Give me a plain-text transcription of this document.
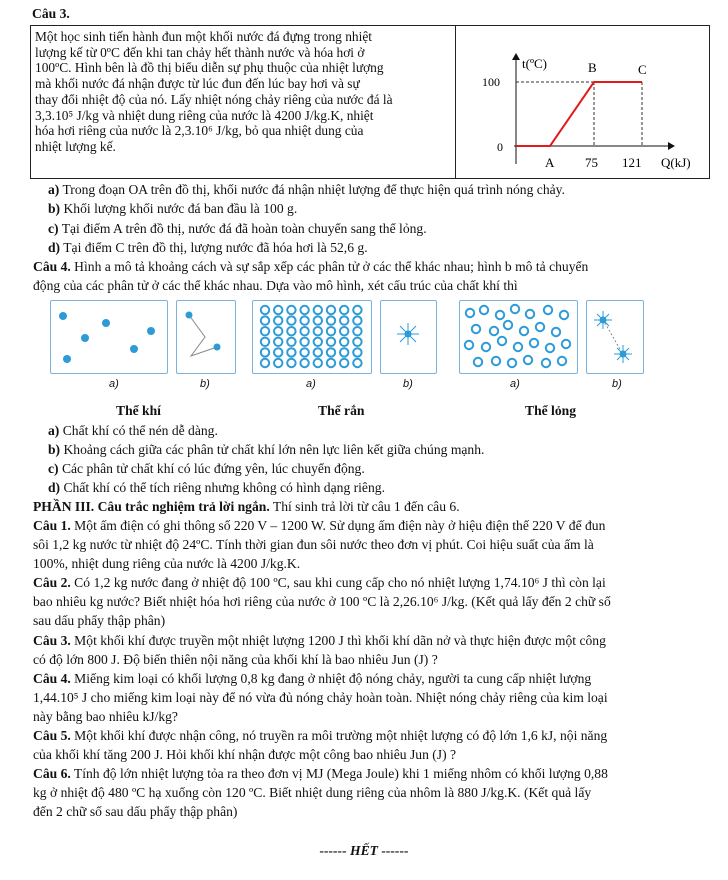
Câu 3.

Một học sinh tiến hành đun một khối nước đá đựng trong nhiệt
lượng kế từ 0ºC đến khi tan chảy hết thành nước và hóa hơi ở
100ºC. Hình bên là đồ thị biểu diễn sự phụ thuộc của nhiệt lượng
mà khối nước đá nhận được từ lúc đun đến lúc bay hơi và sự
thay đổi nhiệt độ của nó. Lấy nhiệt nóng chảy riêng của nước đá là
3,3.10⁵ J/kg và nhiệt dung riêng của nước là 4200 J/kg.K, nhiệt
hóa hơi riêng của nước là 2,3.10⁶ J/kg, bỏ qua nhiệt dung của
nhiệt lượng kế.

t(ºC)
100
0
B	C
A 75 121 Q(kJ)
a) Trong đoạn OA trên đồ thị, khối nước đá nhận nhiệt lượng để thực hiện quá trình nóng chảy.
b) Khối lượng khối nước đá ban đầu là 100 g.
c) Tại điểm A trên đồ thị, nước đá đã hoàn toàn chuyển sang thể lỏng.
d) Tại điểm C trên đồ thị, lượng nước đã hóa hơi là 52,6 g.
Câu 4. Hình a mô tả khoảng cách và sự sắp xếp các phân tử ở các thể khác nhau; hình b mô tả chuyển
động của các phân tử ở các thể khác nhau. Dựa vào mô hình, xét cấu trúc của chất khí thì
a)	b)
Thể khí
a)	b)
Thể rắn
a)	b)
Thể lỏng
a) Chất khí có thể nén dễ dàng.
b) Khoảng cách giữa các phân tử chất khí lớn nên lực liên kết giữa chúng mạnh.
c) Các phân tử chất khí có lúc đứng yên, lúc chuyển động.
d) Chất khí có thể tích riêng nhưng không có hình dạng riêng.
PHẦN III. Câu trắc nghiệm trả lời ngắn. Thí sinh trả lời từ câu 1 đến câu 6.
Câu 1. Một ấm điện có ghi thông số 220 V – 1200 W. Sử dụng ấm điện này ở hiệu điện thế 220 V để đun
sôi 1,2 kg nước từ nhiệt độ 24ºC. Tính thời gian đun sôi nước theo đơn vị phút. Coi hiệu suất của ấm là
100%, nhiệt dung riêng của nước là 4200 J/kg.K.
Câu 2. Có 1,2 kg nước đang ở nhiệt độ 100 ºC, sau khi cung cấp cho nó nhiệt lượng 1,74.10⁶ J thì còn lại
bao nhiêu kg nước? Biết nhiệt hóa hơi riêng của nước ở 100 ºC là 2,26.10⁶ J/kg. (Kết quả lấy đến 2 chữ số
sau dấu phẩy thập phân)
Câu 3. Một khối khí được truyền một nhiệt lượng 1200 J thì khối khí dãn nở và thực hiện được một công
có độ lớn 800 J. Độ biến thiên nội năng của khối khí là bao nhiêu Jun (J) ?
Câu 4. Miếng kim loại có khối lượng 0,8 kg đang ở nhiệt độ nóng chảy, người ta cung cấp nhiệt lượng
1,44.10⁵ J cho miếng kim loại này để nó vừa đủ nóng chảy hoàn toàn. Nhiệt nóng chảy riêng của kim loại
này bằng bao nhiêu kJ/kg?
Câu 5. Một khối khí được nhận công, nó truyền ra môi trường một nhiệt lượng có độ lớn 1,6 kJ, nội năng
của khối khí tăng 200 J. Hỏi khối khí nhận được một công bao nhiêu Jun (J) ?
Câu 6. Tính độ lớn nhiệt lượng tỏa ra theo đơn vị MJ (Mega Joule) khi 1 miếng nhôm có khối lượng 0,88
kg ở nhiệt độ 480 ºC hạ xuống còn 120 ºC. Biết nhiệt dung riêng của nhôm là 880 J/kg.K. (Kết quả lấy
đến 2 chữ số sau dấu phẩy thập phân)
------ HẾT ------
